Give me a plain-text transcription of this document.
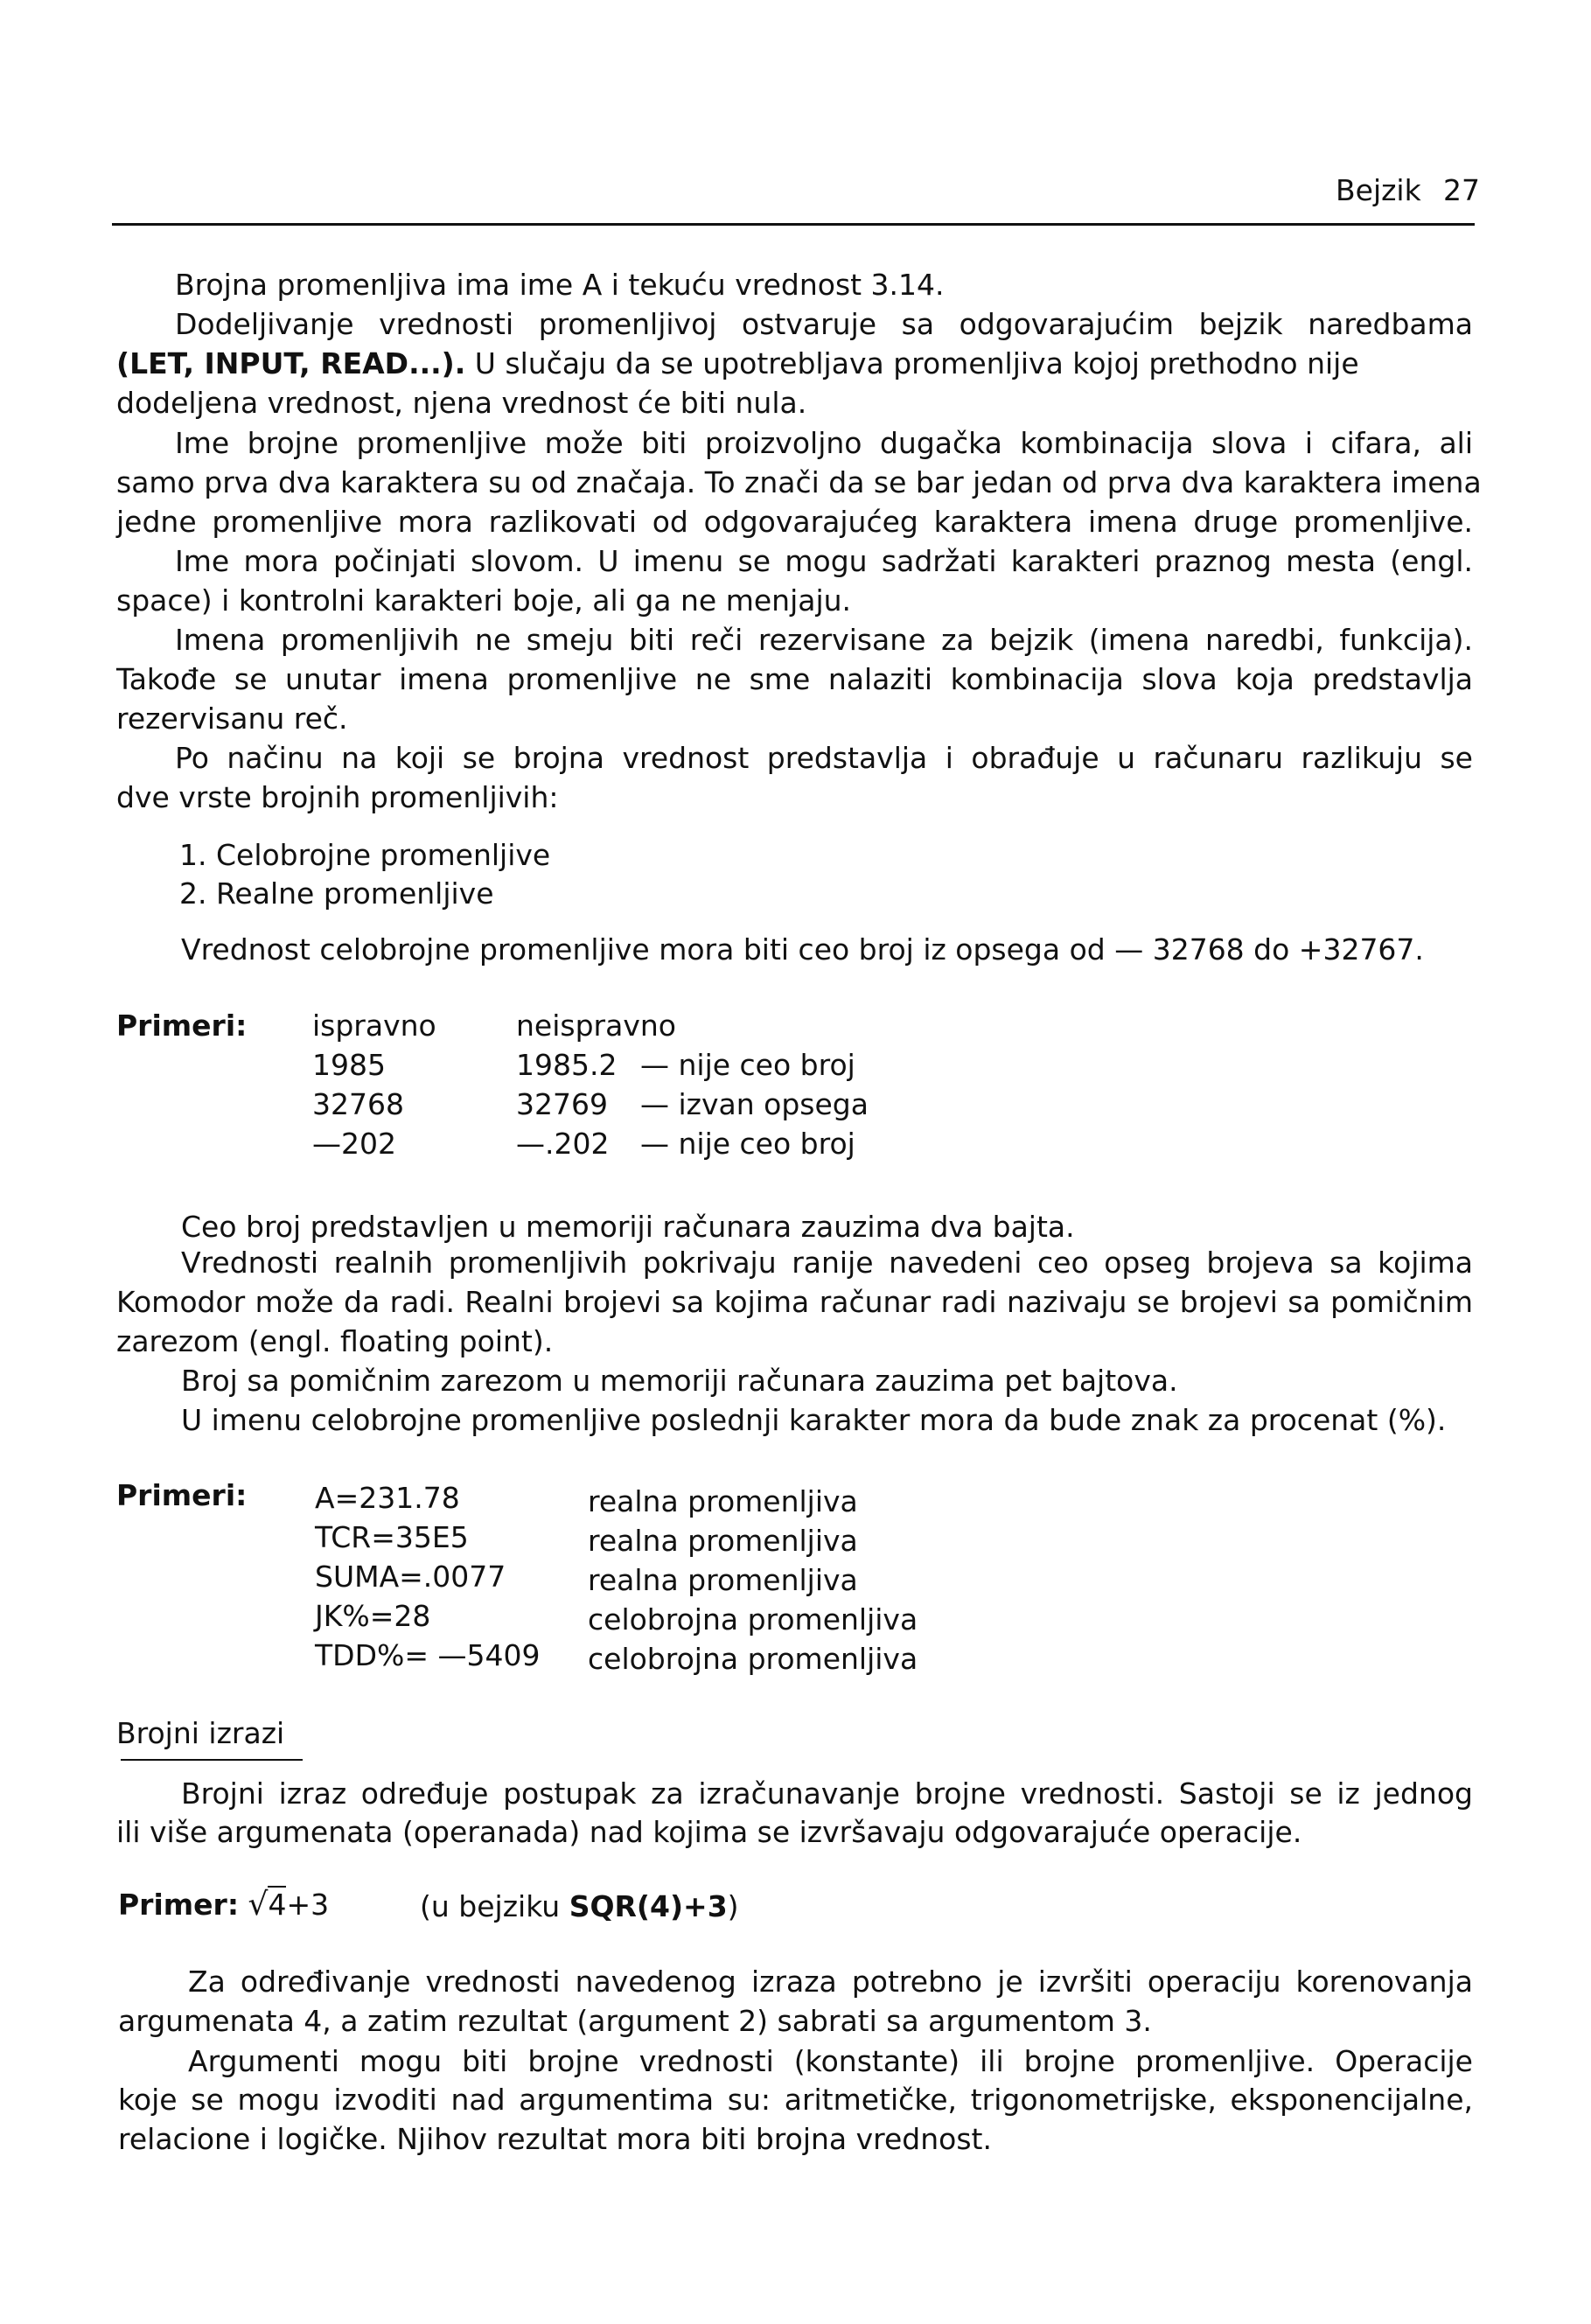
Bejzik 27
Brojna promenljiva ima ime A i tekuću vrednost 3.14.
Dodeljivanje vrednosti promenljivoj ostvaruje sa odgovarajućim bejzik naredbama
(LET, INPUT, READ...). U slučaju da se upotrebljava promenljiva kojoj prethodno nije
dodeljena vrednost, njena vrednost će biti nula.
Ime brojne promenljive može biti proizvoljno dugačka kombinacija slova i cifara, ali
samo prva dva karaktera su od značaja. To znači da se bar jedan od prva dva karaktera imena
jedne promenljive mora razlikovati od odgovarajućeg karaktera imena druge promenljive.
Ime mora počinjati slovom. U imenu se mogu sadržati karakteri praznog mesta (engl.
space) i kontrolni karakteri boje, ali ga ne menjaju.
Imena promenljivih ne smeju biti reči rezervisane za bejzik (imena naredbi, funkcija).
Takođe se unutar imena promenljive ne sme nalaziti kombinacija slova koja predstavlja
rezervisanu reč.
Po načinu na koji se brojna vrednost predstavlja i obrađuje u računaru razlikuju se
dve vrste brojnih promenljivih:
1. Celobrojne promenljive
2. Realne promenljive
Vrednost celobrojne promenljive mora biti ceo broj iz opsega od — 32768 do +32767.
Primeri: ispravno	neispravno
1985	1985.2 — nije ceo broj
32768	32769 — izvan opsega
—202	—.202 — nije ceo broj
Ceo broj predstavljen u memoriji računara zauzima dva bajta.
Vrednosti realnih promenljivih pokrivaju ranije navedeni ceo opseg brojeva sa kojima
Komodor može da radi. Realni brojevi sa kojima računar radi nazivaju se brojevi sa pomičnim
zarezom (engl. floating point).
Broj sa pomičnim zarezom u memoriji računara zauzima pet bajtova.
U imenu celobrojne promenljive poslednji karakter mora da bude znak za procenat (%).
Primeri: A=231.78	realna promenljiva
TCR=35E5	realna promenljiva
SUMA=.0077	realna promenljiva
JK%=28	celobrojna promenljiva
TDD%= —5409 celobrojna promenljiva
Brojni izrazi
Brojni izraz određuje postupak za izračunavanje brojne vrednosti. Sastoji se iz jednog
ili više argumenata (operanada) nad kojima se izvršavaju odgovarajuće operacije.
Primer: √4+3	(u bejziku SQR(4)+3)
Za određivanje vrednosti navedenog izraza potrebno je izvršiti operaciju korenovanja
argumenata 4, a zatim rezultat (argument 2) sabrati sa argumentom 3.
Argumenti mogu biti brojne vrednosti (konstante) ili brojne promenljive. Operacije
koje se mogu izvoditi nad argumentima su: aritmetičke, trigonometrijske, eksponencijalne,
relacione i logičke. Njihov rezultat mora biti brojna vrednost.
